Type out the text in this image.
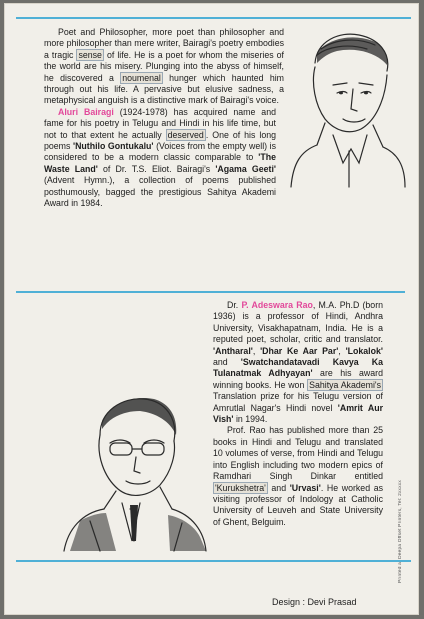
Poet and Philosopher, more poet than philosopher and more philosopher than mere writer, Bairagi's poetry embodies a tragic sense of life. He is a poet for whom the miseries of the world are his misery. Plunging into the abyss of himself, he discovered a noumenal hunger which haunted him through out his life. A pervasive but elusive sadness, a metaphysical anguish is a distinctive mark of Bairagi's voice.

Aluri Bairagi (1924-1978) has acquired name and fame for his poetry in Telugu and Hindi in his life time, but not to that extent he actually deserved . One of his long poems 'Nuthilo Gontukalu' (Voices from the empty well) is considered to be a modern classic comparable to 'The Waste Land' of Dr. T.S. Eliot. Bairagi's 'Agama Geeti' (Advent Hymn.), a collection of poems published posthumously, bagged the prestigious Sahitya Akademi Award in 1984.

Dr. P. Adeswara Rao, M.A. Ph.D (born 1936) is a professor of Hindi, Andhra University, Visakhapatnam, India. He is a reputed poet, scholar, critic and translator. 'Antharal', 'Dhar Ke Aar Par', 'Lokalok' and 'Swatchandatavadi Kavya Ka Tulanatmak Adhyayan' are his award winning books. He won Sahitya Akademi's Translation prize for his Telugu version of Amrutlal Nagar's Hindi novel 'Amrit Aur Vish' in 1994.

Prof. Rao has published more than 25 books in Hindi and Telugu and translated 10 volumes of verse, from Hindi and Telugu into English including two modern epics of Ramdhari Singh Dinkar entitled 'Kurukshetra' and 'Urvasi'. He worked as visiting professor of Indology at Catholic University of Leuveh and State University of Ghent, Belguim.	Printed at Deepa Offset Printers, Tel: 2xxxxx
Design : Devi Prasad
